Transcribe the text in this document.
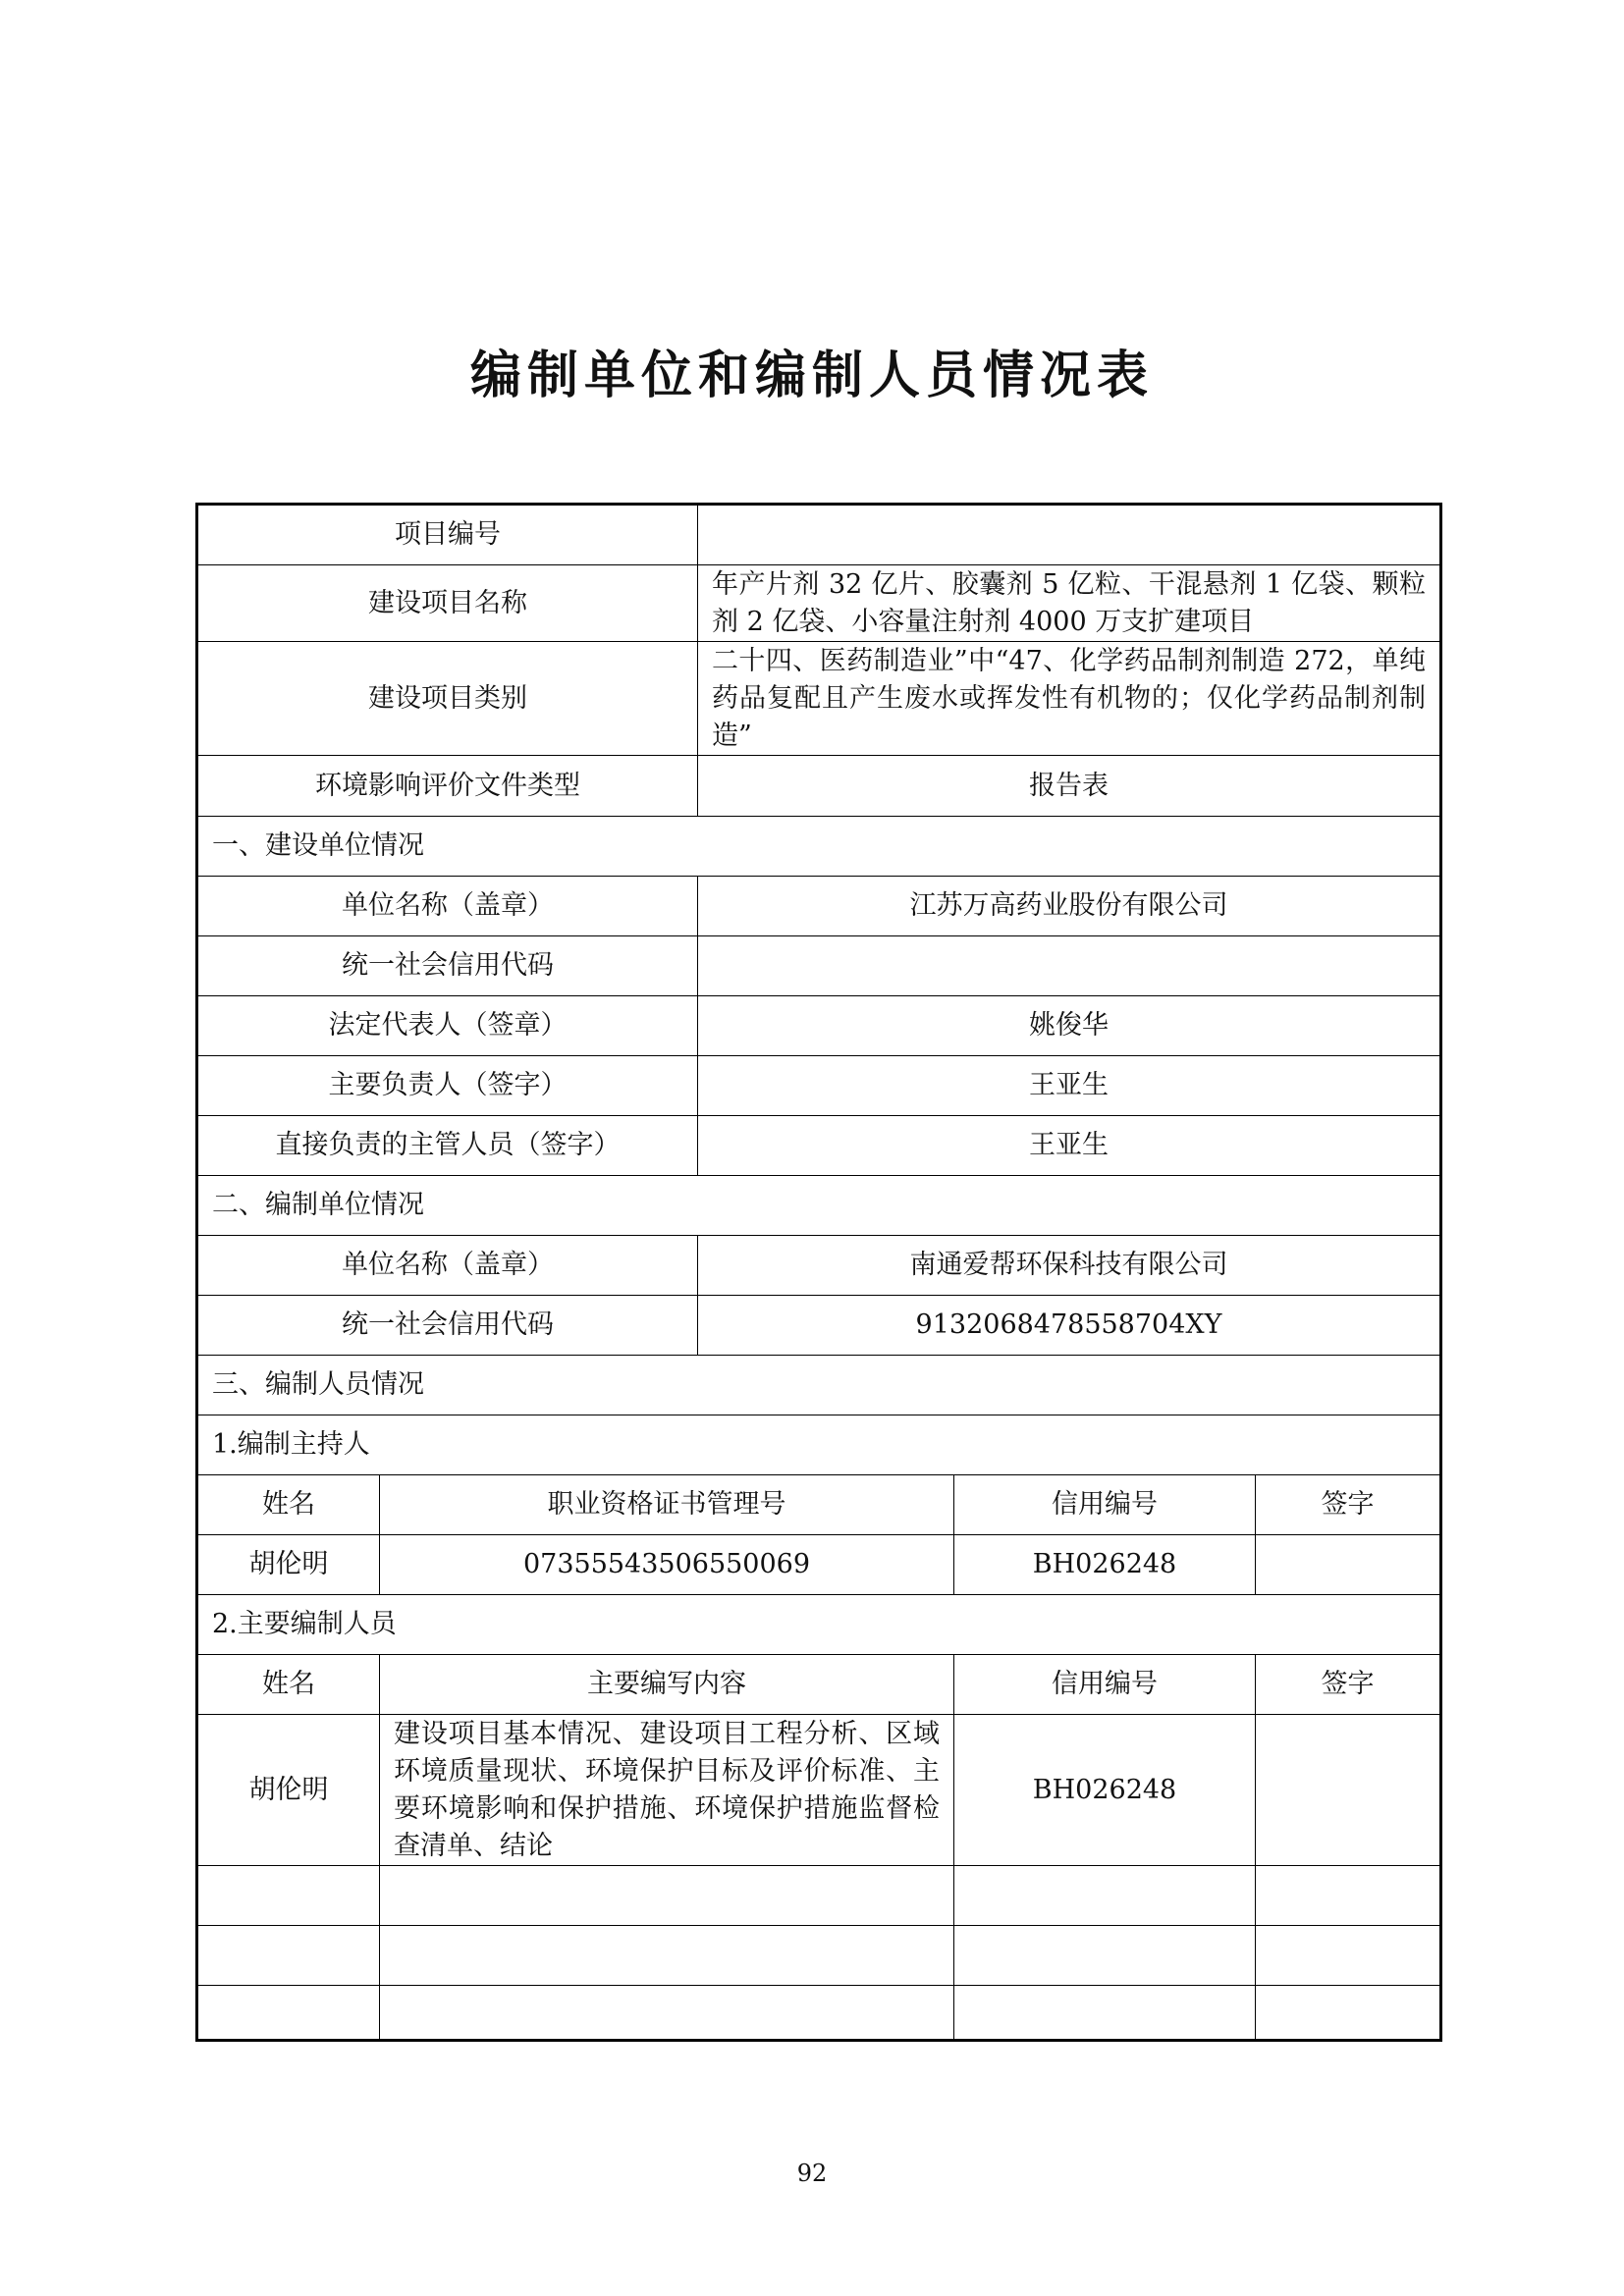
编制单位和编制人员情况表
项目编号				
建设项目名称		年产片剂 32 亿片、胶囊剂 5 亿粒、干混悬剂 1 亿袋、颗粒剂 2 亿袋、小容量注射剂 4000 万支扩建项目		
建设项目类别		二十四、医药制造业”中“47、化学药品制剂制造 272，单纯药品复配且产生废水或挥发性有机物的；仅化学药品制剂制造”		
环境影响评价文件类型		报告表		
一、建设单位情况				
单位名称（盖章）		江苏万高药业股份有限公司		
统一社会信用代码				
法定代表人（签章）		姚俊华		
主要负责人（签字）		王亚生		
直接负责的主管人员（签字）		王亚生		
二、编制单位情况				
单位名称（盖章）		南通爱帮环保科技有限公司		
统一社会信用代码		9132068478558704XY		
三、编制人员情况				
1.编制主持人				
姓名	职业资格证书管理号		信用编号	签字
胡伦明	07355543506550069		BH026248	
2.主要编制人员				
姓名	主要编写内容		信用编号	签字
胡伦明	建设项目基本情况、建设项目工程分析、区域环境质量现状、环境保护目标及评价标准、主要环境影响和保护措施、环境保护措施监督检查清单、结论		BH026248	

92
